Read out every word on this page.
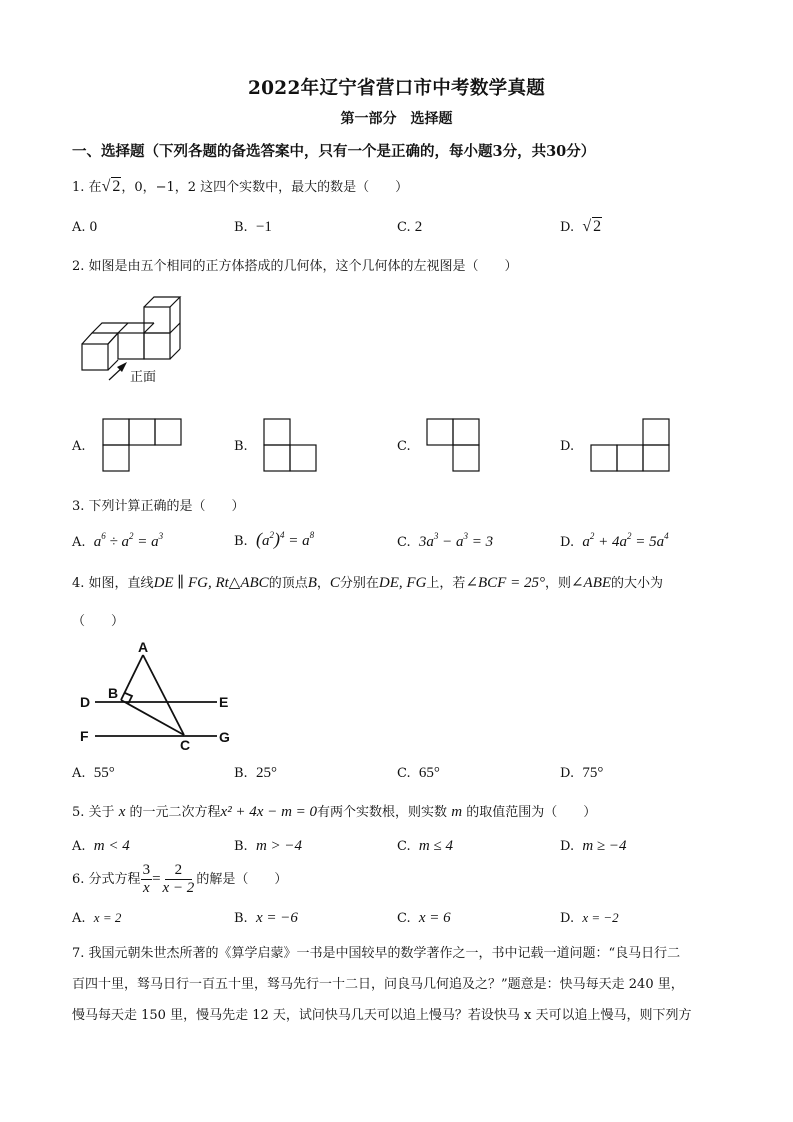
2022年辽宁省营口市中考数学真题
第一部分　选择题
一、选择题（下列各题的备选答案中，只有一个是正确的，每小题3分，共30分）
1. 在√ 2，0，−1，2 这四个实数中，最大的数是（　　）
A. 0	B. −1	C. 2	D. √ 2
2. 如图是由五个相同的正方体搭成的几何体，这个几何体的左视图是（　　）
正面
A.	B.	C.	D.
3. 下列计算正确的是（　　）
A. $a^6 \div a^2 = a^3$	B. $(a^2)^4 = a^8$	C. $3a^3 - a^3 = 3$	D. $a^2 + 4a^2 = 5a^4$
4. 如图，直线DE ∥ FG, Rt△ABC的顶点B，C分别在DE, FG上，若∠BCF = 25°，则∠ABE的大小为
（　　）
A
B
D	E
F	G
C
A. 55°	B. 25°	C. 65°	D. 75°
5. 关于 x 的一元二次方程x² + 4x − m = 0有两个实数根，则实数 m 的取值范围为（　　）
A. m < 4	B. m > −4	C. m ≤ 4	D. m ≥ −4
6. 分式方程 $\frac{3}{x} = \frac{2}{x - 2}$ 的解是（　　）
A. x = 2	B. x = −6	C. x = 6	D. x = −2
7. 我国元朝朱世杰所著的《算学启蒙》一书是中国较早的数学著作之一，书中记载一道问题：“良马日行二
百四十里，驽马日行一百五十里，驽马先行一十二日，问良马几何追及之？”题意是：快马每天走 240 里，
慢马每天走 150 里，慢马先走 12 天，试问快马几天可以追上慢马？若设快马 x 天可以追上慢马，则下列方
